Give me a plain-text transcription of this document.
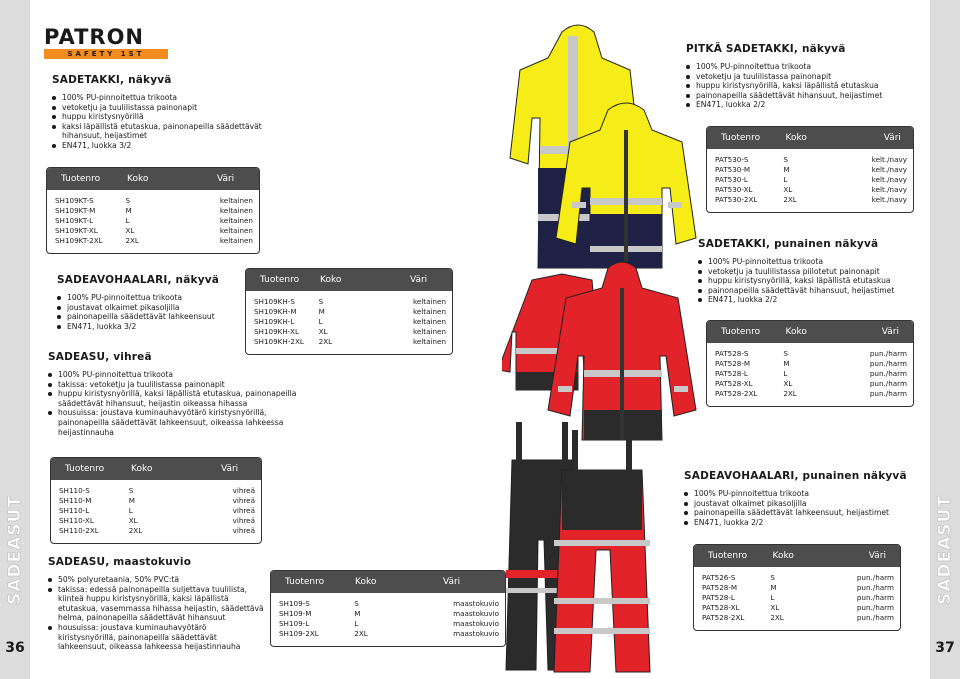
SADEASUT
36
SADEASUT
37
PATRON
SAFETY 1ST
SADETAKKI, näkyvä
100% PU-pinnoitettua trikoota
vetoketju ja tuulilistassa painonapit
huppu kiristysnyörillä
kaksi läpällistä etutaskua, painonapeilla säädettävät hihansuut, heijastimet
EN471, luokka 3/2
Tuotenro	Koko	Väri
SH109KT-S	S	keltainen
SH109KT-M	M	keltainen
SH109KT-L	L	keltainen
SH109KT-XL	XL	keltainen
SH109KT-2XL	2XL	keltainen
SADEAVOHAALARI, näkyvä
100% PU-pinnoitettua trikoota
joustavat olkaimet pikasoljilla
painonapeilla säädettävät lahkeensuut
EN471, luokka 3/2
Tuotenro	Koko	Väri
SH109KH-S	S	keltainen
SH109KH-M	M	keltainen
SH109KH-L	L	keltainen
SH109KH-XL	XL	keltainen
SH109KH-2XL	2XL	keltainen
SADEASU, vihreä
100% PU-pinnoitettua trikoota
takissa: vetoketju ja tuulilistassa painonapit
huppu kiristysnyörillä, kaksi läpällistä etutaskua, painonapeilla säädettävät hihansuut, heijastin oikeassa hihassa
housuissa: joustava kuminauhavyötärö kiristysnyörillä, painonapeilla säädettävät lahkeensuut, oikeassa lahkeessa heijastinnauha
Tuotenro	Koko	Väri
SH110-S	S	vihreä
SH110-M	M	vihreä
SH110-L	L	vihreä
SH110-XL	XL	vihreä
SH110-2XL	2XL	vihreä
SADEASU, maastokuvio
50% polyuretaania, 50% PVC:tä
takissa: edessä painonapeilla suljettava tuulilista, kiinteä huppu kiristysnyörillä, kaksi läpällistä etutaskua, vasemmassa hihassa heijastin, säädettävä helma, painonapeilla säädettävät hihansuut
housuissa: joustava kuminauhavyötärö kiristysnyörillä, painonapeilla säädettävät lahkeensuut, oikeassa lahkeessa heijastinnauha
Tuotenro	Koko	Väri
SH109-S	S	maastokuvio
SH109-M	M	maastokuvio
SH109-L	L	maastokuvio
SH109-2XL	2XL	maastokuvio
PITKÄ SADETAKKI, näkyvä
100% PU-pinnoitettua trikoota
vetoketju ja tuulilistassa painonapit
huppu kiristysnyörillä, kaksi läpällistä etutaskua
painonapeilla säädettävät hihansuut, heijastimet
EN471, luokka 2/2
Tuotenro	Koko	Väri
PAT530-S	S	kelt./navy
PAT530-M	M	kelt./navy
PAT530-L	L	kelt./navy
PAT530-XL	XL	kelt./navy
PAT530-2XL	2XL	kelt./navy
SADETAKKI, punainen näkyvä
100% PU-pinnoitettua trikoota
vetoketju ja tuulilistassa piilotetut painonapit
huppu kiristysnyörillä, kaksi läpällistä etutaskua
painonapeilla säädettävät hihansuut, heijastimet
EN471, luokka 2/2
Tuotenro	Koko	Väri
PAT528-S	S	pun./harm
PAT528-M	M	pun./harm
PAT528-L	L	pun./harm
PAT528-XL	XL	pun./harm
PAT528-2XL	2XL	pun./harm
SADEAVOHAALARI, punainen näkyvä
100% PU-pinnoitettua trikoota
joustavat olkaimet pikasoljilla
painonapeilla säädettävät lahkeensuut, heijastimet
EN471, luokka 2/2
Tuotenro	Koko	Väri
PAT526-S	S	pun./harm
PAT528-M	M	pun./harm
PAT528-L	L	pun./harm
PAT528-XL	XL	pun./harm
PAT528-2XL	2XL	pun./harm
